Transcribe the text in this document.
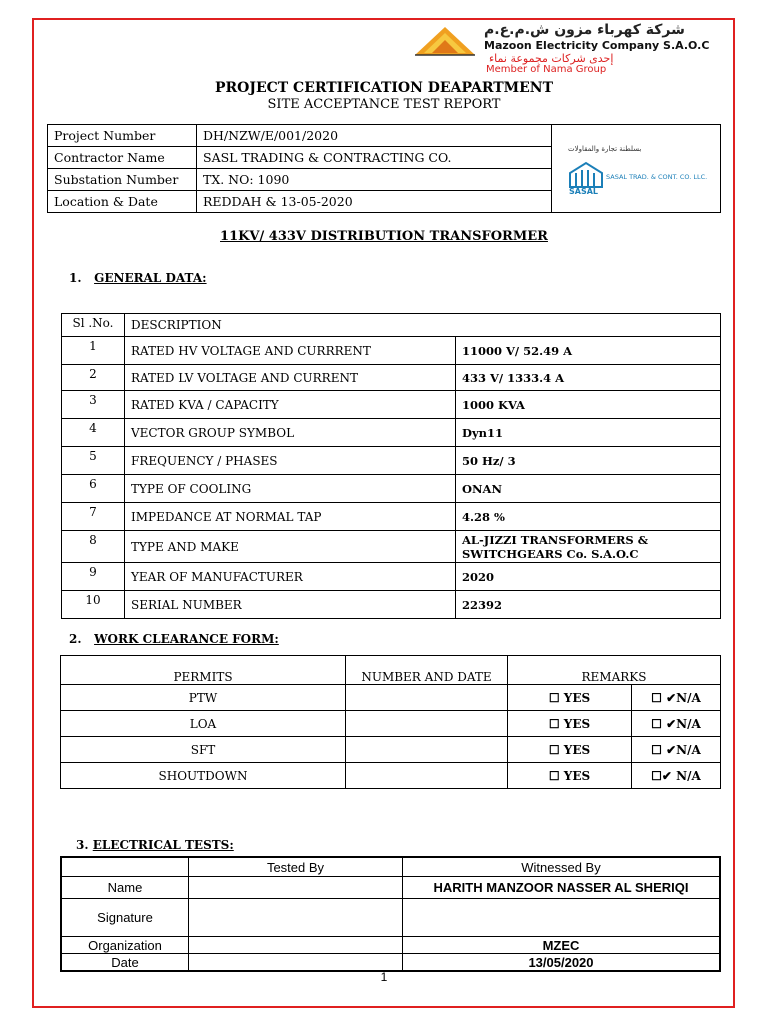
شركة كهرباء مزون ش.م.ع.م
Mazoon Electricity Company S.A.O.C
إحدى شركات مجموعة نماء
Member of Nama Group
PROJECT CERTIFICATION DEAPARTMENT
SITE ACCEPTANCE TEST REPORT
Project Number	DH/NZW/E/001/2020	بسلطنة تجارة والمقاولات
SASAL
SASAL TRAD. & CONT. CO. LLC.

Contractor Name	SASL TRADING & CONTRACTING CO.	
Substation Number	TX. NO: 1090	
Location & Date	REDDAH & 13-05-2020	
11KV/ 433V DISTRIBUTION TRANSFORMER
1. GENERAL DATA:
Sl .No.	DESCRIPTION	
1	RATED HV VOLTAGE AND CURRRENT	11000 V/ 52.49 A
2	RATED LV VOLTAGE AND CURRENT	433 V/ 1333.4 A
3	RATED KVA / CAPACITY	1000 KVA
4	VECTOR GROUP SYMBOL	Dyn11
5	FREQUENCY / PHASES	50 Hz/ 3
6	TYPE OF COOLING	ONAN
7	IMPEDANCE AT NORMAL TAP	4.28 %
8	TYPE AND MAKE	AL-JIZZI TRANSFORMERS & SWITCHGEARS Co. S.A.O.C
9	YEAR OF MANUFACTURER	2020
10	SERIAL NUMBER	22392
2. WORK CLEARANCE FORM:
PERMITS	NUMBER AND DATE	REMARKS	
PTW		☐ YES	☐ ✔N/A
LOA		☐ YES	☐ ✔N/A
SFT		☐ YES	☐ ✔N/A
SHOUTDOWN		☐ YES	☐✔ N/A
3. ELECTRICAL TESTS:
	Tested By	Witnessed By
Name		HARITH MANZOOR NASSER AL SHERIQI
Signature		
Organization		MZEC
Date		13/05/2020
1
